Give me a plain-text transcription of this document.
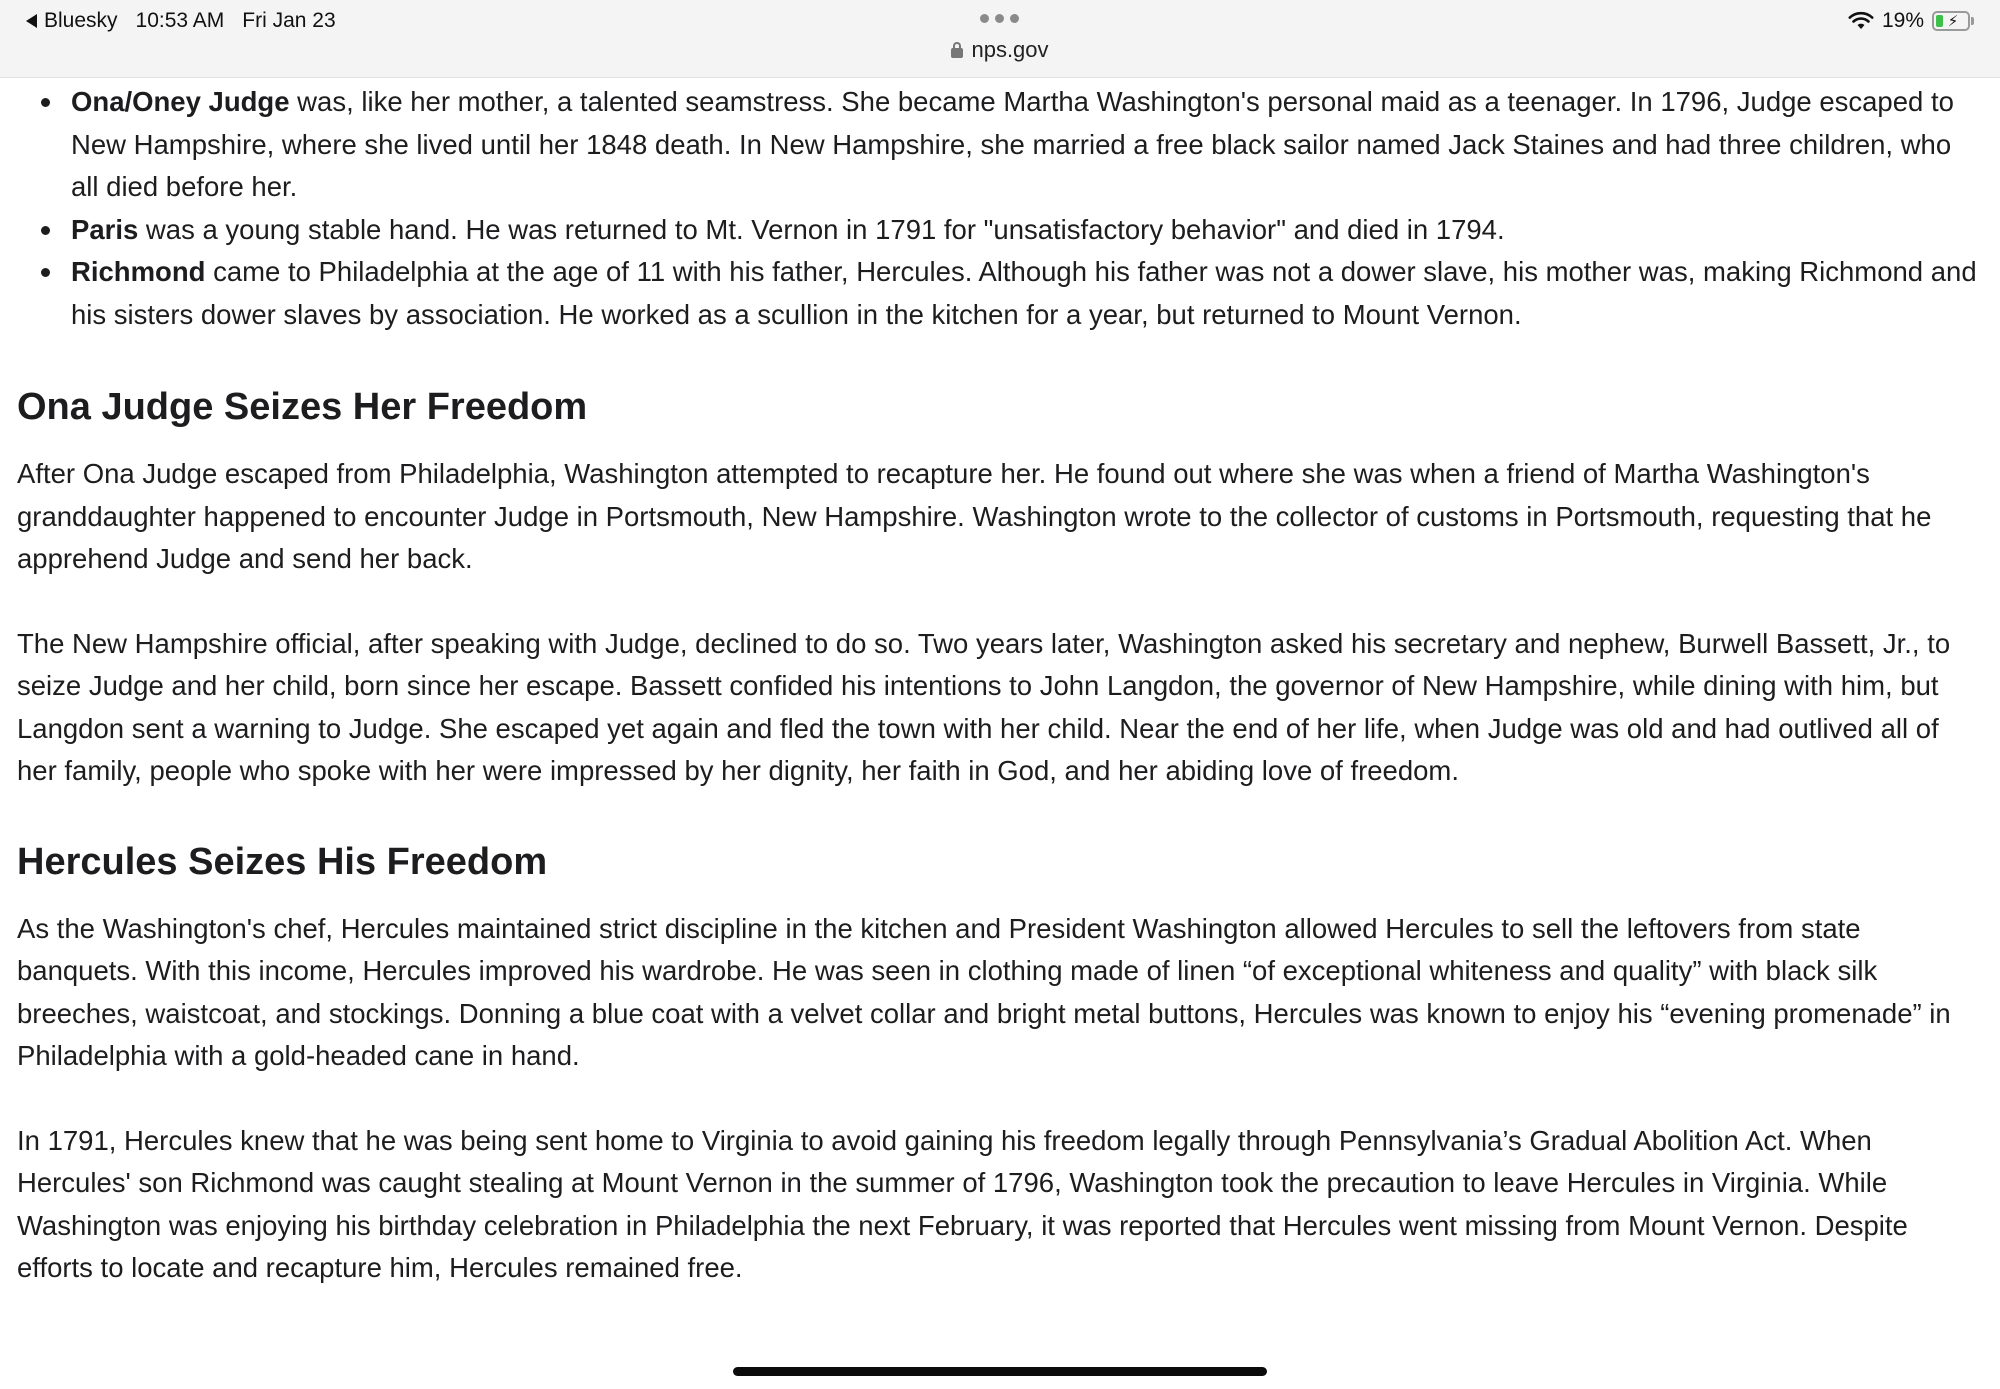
Bluesky 10:53 AM Fri Jan 23
nps.gov
19%	⚡
Ona/Oney Judge was, like her mother, a talented seamstress. She became Martha Washington's personal maid as a teenager. In 1796, Judge escaped to New Hampshire, where she lived until her 1848 death. In New Hampshire, she married a free black sailor named Jack Staines and had three children, who all died before her.
Paris was a young stable hand. He was returned to Mt. Vernon in 1791 for "unsatisfactory behavior" and died in 1794.
Richmond came to Philadelphia at the age of 11 with his father, Hercules. Although his father was not a dower slave, his mother was, making Richmond and his sisters dower slaves by association. He worked as a scullion in the kitchen for a year, but returned to Mount Vernon.
Ona Judge Seizes Her Freedom

After Ona Judge escaped from Philadelphia, Washington attempted to recapture her. He found out where she was when a friend of Martha Washington's granddaughter happened to encounter Judge in Portsmouth, New Hampshire. Washington wrote to the collector of customs in Portsmouth, requesting that he apprehend Judge and send her back.

The New Hampshire official, after speaking with Judge, declined to do so. Two years later, Washington asked his secretary and nephew, Burwell Bassett, Jr., to seize Judge and her child, born since her escape. Bassett confided his intentions to John Langdon, the governor of New Hampshire, while dining with him, but Langdon sent a warning to Judge. She escaped yet again and fled the town with her child. Near the end of her life, when Judge was old and had outlived all of her family, people who spoke with her were impressed by her dignity, her faith in God, and her abiding love of freedom.

Hercules Seizes His Freedom

As the Washington's chef, Hercules maintained strict discipline in the kitchen and President Washington allowed Hercules to sell the leftovers from state banquets. With this income, Hercules improved his wardrobe. He was seen in clothing made of linen “of exceptional whiteness and quality” with black silk breeches, waistcoat, and stockings. Donning a blue coat with a velvet collar and bright metal buttons, Hercules was known to enjoy his “evening promenade” in Philadelphia with a gold-headed cane in hand.

In 1791, Hercules knew that he was being sent home to Virginia to avoid gaining his freedom legally through Pennsylvania’s Gradual Abolition Act. When Hercules' son Richmond was caught stealing at Mount Vernon in the summer of 1796, Washington took the precaution to leave Hercules in Virginia. While Washington was enjoying his birthday celebration in Philadelphia the next February, it was reported that Hercules went missing from Mount Vernon. Despite efforts to locate and recapture him, Hercules remained free.
